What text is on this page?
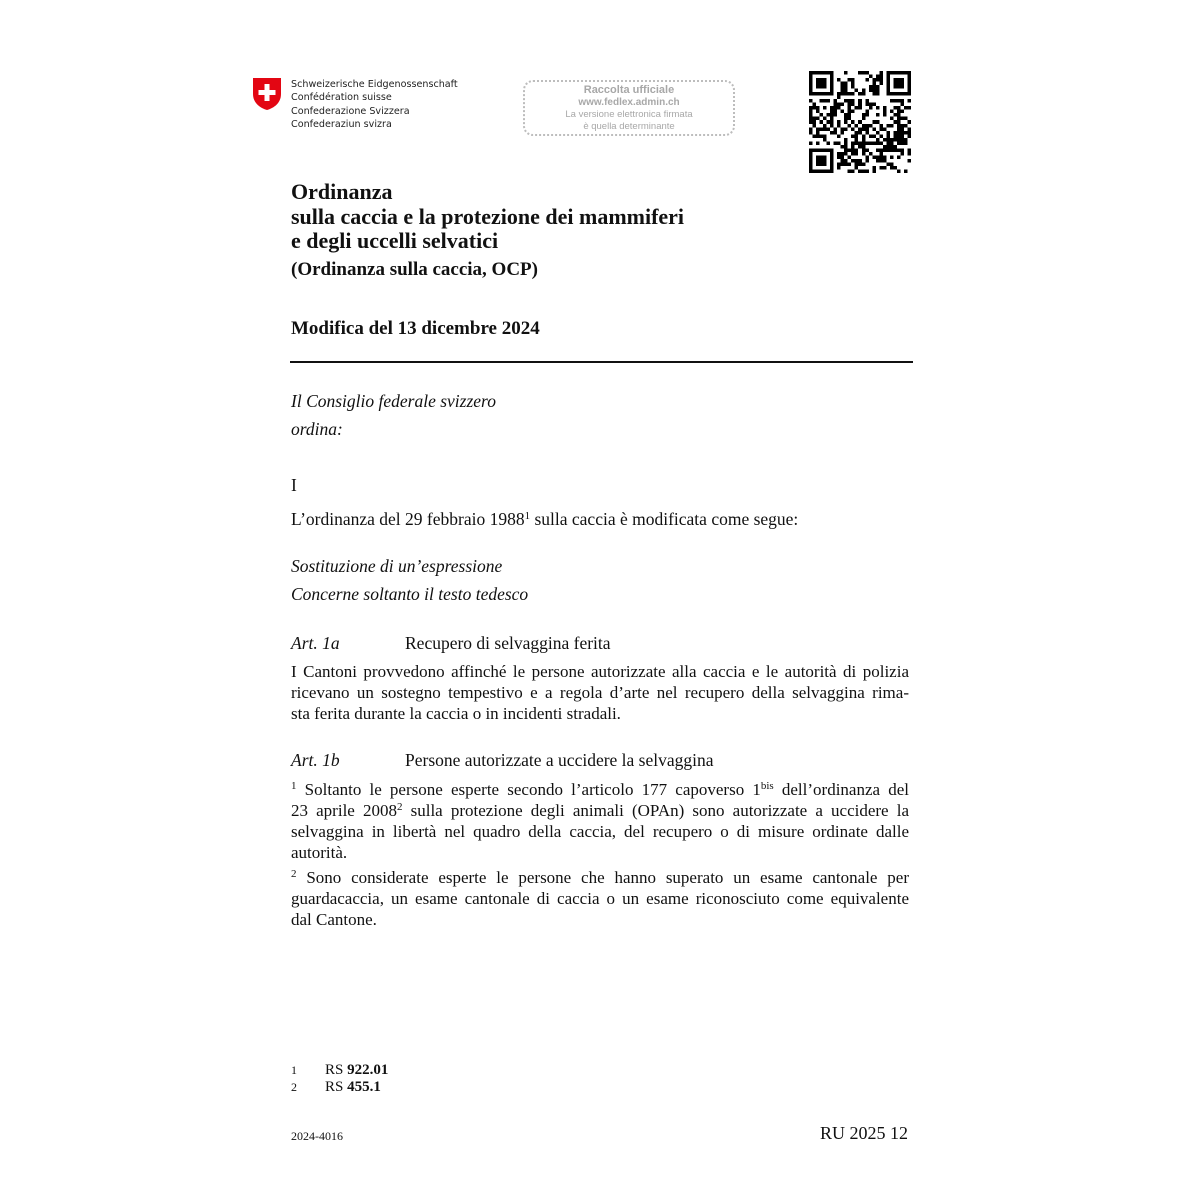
Schweizerische Eidgenossenschaft
Confédération suisse
Confederazione Svizzera
Confederaziun svizra
Raccolta ufficiale
www.fedlex.admin.ch
La versione elettronica firmata
è quella determinante
Ordinanza
sulla caccia e la protezione dei mammiferi
e degli uccelli selvatici
(Ordinanza sulla caccia, OCP)
Modifica del 13 dicembre 2024
Il Consiglio federale svizzero
ordina:
I
L’ordinanza del 29 febbraio 1988$^1$ sulla caccia è modificata come segue:
Sostituzione di un’espressione
Concerne soltanto il testo tedesco
Art. 1a	Recupero di selvaggina ferita
I Cantoni provvedono affinché le persone autorizzate alla caccia e le autorità di polizia
ricevano un sostegno tempestivo e a regola d’arte nel recupero della selvaggina rima-
sta ferita durante la caccia o in incidenti stradali.
Art. 1b	Persone autorizzate a uccidere la selvaggina
$^1$ Soltanto le persone esperte secondo l’articolo 177 capoverso $1^{bis}$ dell’ordinanza del
23 aprile 2008$^2$ sulla protezione degli animali (OPAn) sono autorizzate a uccidere la
selvaggina in libertà nel quadro della caccia, del recupero o di misure ordinate dalle
autorità.
$^2$ Sono considerate esperte le persone che hanno superato un esame cantonale per
guardacaccia, un esame cantonale di caccia o un esame riconosciuto come equivalente
dal Cantone.
1 RS 922.01
2 RS 455.1
2024-4016	RU 2025 12
